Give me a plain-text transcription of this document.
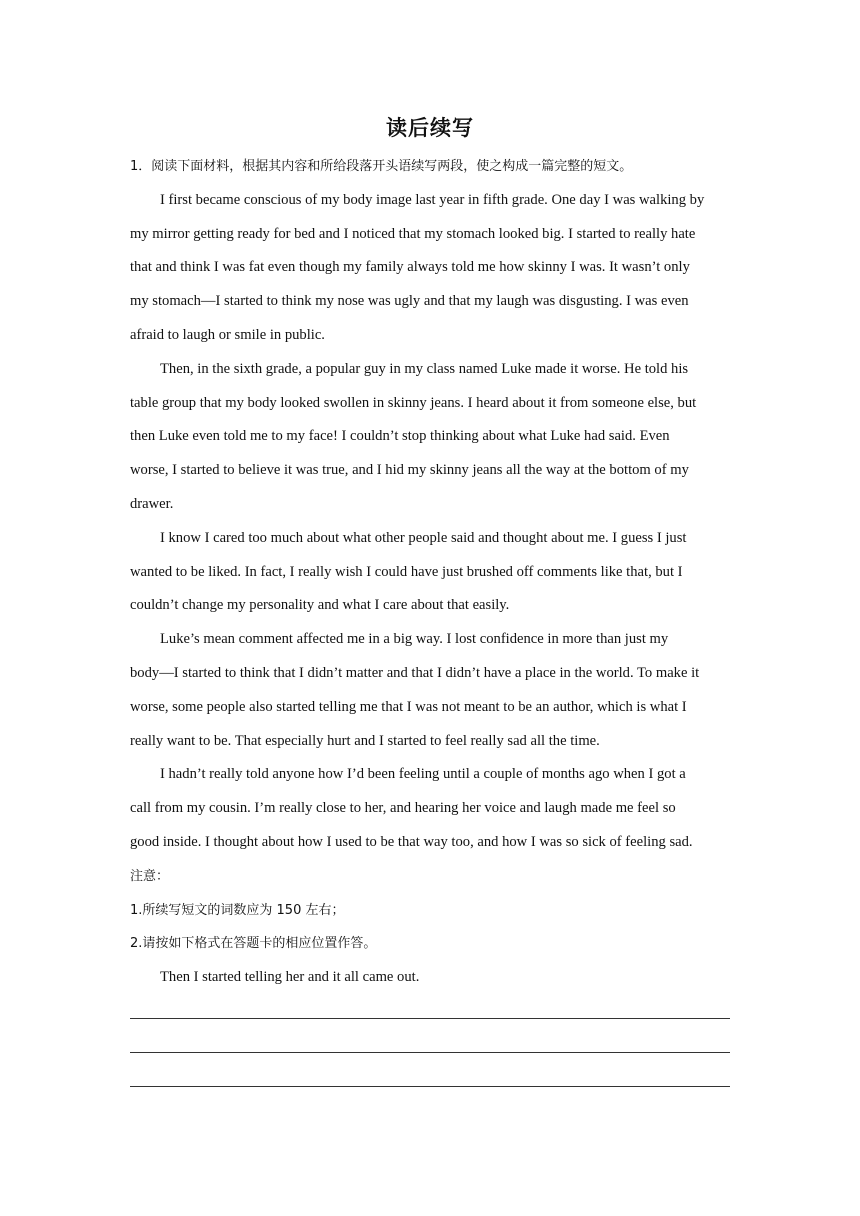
读后续写

1．阅读下面材料，根据其内容和所给段落开头语续写两段，使之构成一篇完整的短文。

I first became conscious of my body image last year in fifth grade. One day I was walking by

my mirror getting ready for bed and I noticed that my stomach looked big. I started to really hate

that and think I was fat even though my family always told me how skinny I was. It wasn’t only

my stomach—I started to think my nose was ugly and that my laugh was disgusting. I was even

afraid to laugh or smile in public.

Then, in the sixth grade, a popular guy in my class named Luke made it worse. He told his

table group that my body looked swollen in skinny jeans. I heard about it from someone else, but

then Luke even told me to my face! I couldn’t stop thinking about what Luke had said. Even

worse, I started to believe it was true, and I hid my skinny jeans all the way at the bottom of my

drawer.

I know I cared too much about what other people said and thought about me. I guess I just

wanted to be liked. In fact, I really wish I could have just brushed off comments like that, but I

couldn’t change my personality and what I care about that easily.

Luke’s mean comment affected me in a big way. I lost confidence in more than just my

body—I started to think that I didn’t matter and that I didn’t have a place in the world. To make it

worse, some people also started telling me that I was not meant to be an author, which is what I

really want to be. That especially hurt and I started to feel really sad all the time.

I hadn’t really told anyone how I’d been feeling until a couple of months ago when I got a

call from my cousin. I’m really close to her, and hearing her voice and laugh made me feel so

good inside. I thought about how I used to be that way too, and how I was so sick of feeling sad.

注意：

1.所续写短文的词数应为 150 左右；

2.请按如下格式在答题卡的相应位置作答。

Then I started telling her and it all came out.
